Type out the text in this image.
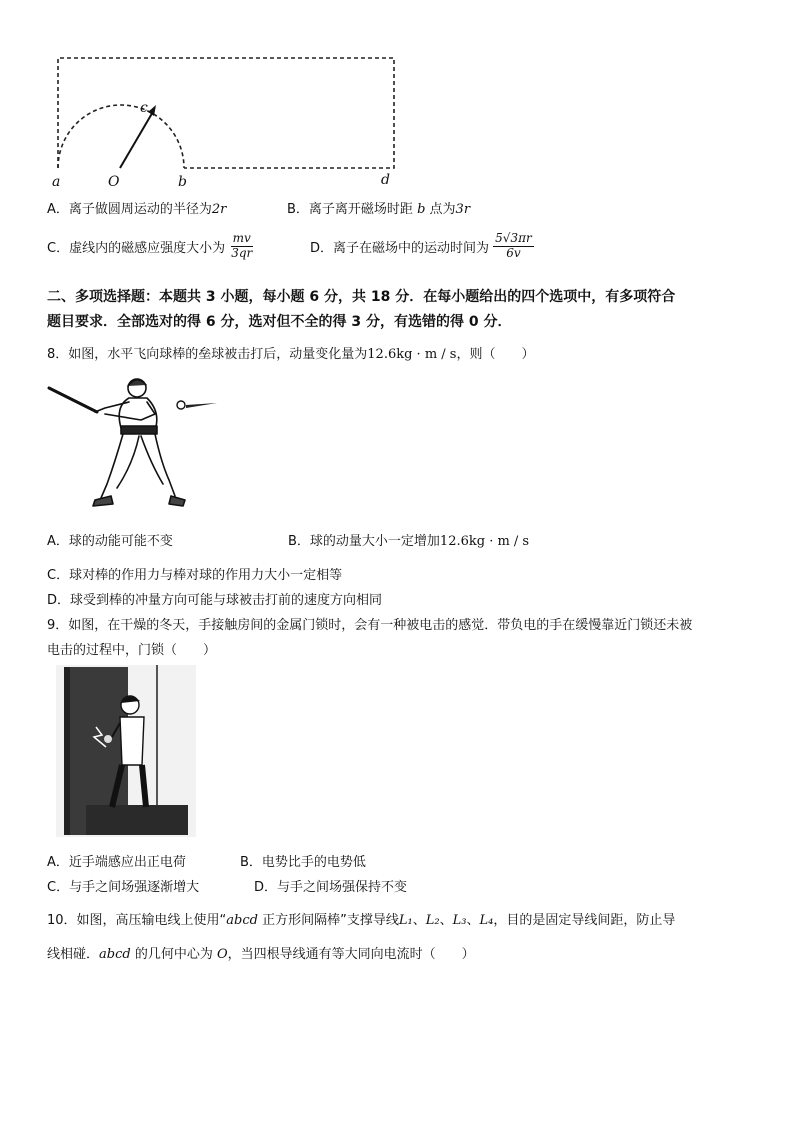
a	O	b
c
d
A．离子做圆周运动的半径为2r	B．离子离开磁场时距 b 点为3r
C．虚线内的磁感应强度大小为 $\frac{mv}{3qr}$	D．离子在磁场中的运动时间为 $\frac{5√3\pi r}{6v}$
二、多项选择题：本题共 3 小题，每小题 6 分，共 18 分．在每小题给出的四个选项中，有多项符合
题目要求．全部选对的得 6 分，选对但不全的得 3 分，有选错的得 0 分．
8．如图，水平飞向球棒的垒球被击打后，动量变化量为12.6kg · m / s，则（　　）
A．球的动能可能不变	B．球的动量大小一定增加12.6kg · m / s
C．球对棒的作用力与棒对球的作用力大小一定相等
D．球受到棒的冲量方向可能与球被击打前的速度方向相同
9．如图，在干燥的冬天，手接触房间的金属门锁时，会有一种被电击的感觉．带负电的手在缓慢靠近门锁还未被
电击的过程中，门锁（　　）
A．近手端感应出正电荷	B．电势比手的电势低
C．与手之间场强逐渐增大	D．与手之间场强保持不变
10．如图，高压输电线上使用“abcd 正方形间隔棒”支撑导线L₁、L₂、L₃、L₄，目的是固定导线间距，防止导
线相碰．abcd 的几何中心为 O，当四根导线通有等大同向电流时（　　）
